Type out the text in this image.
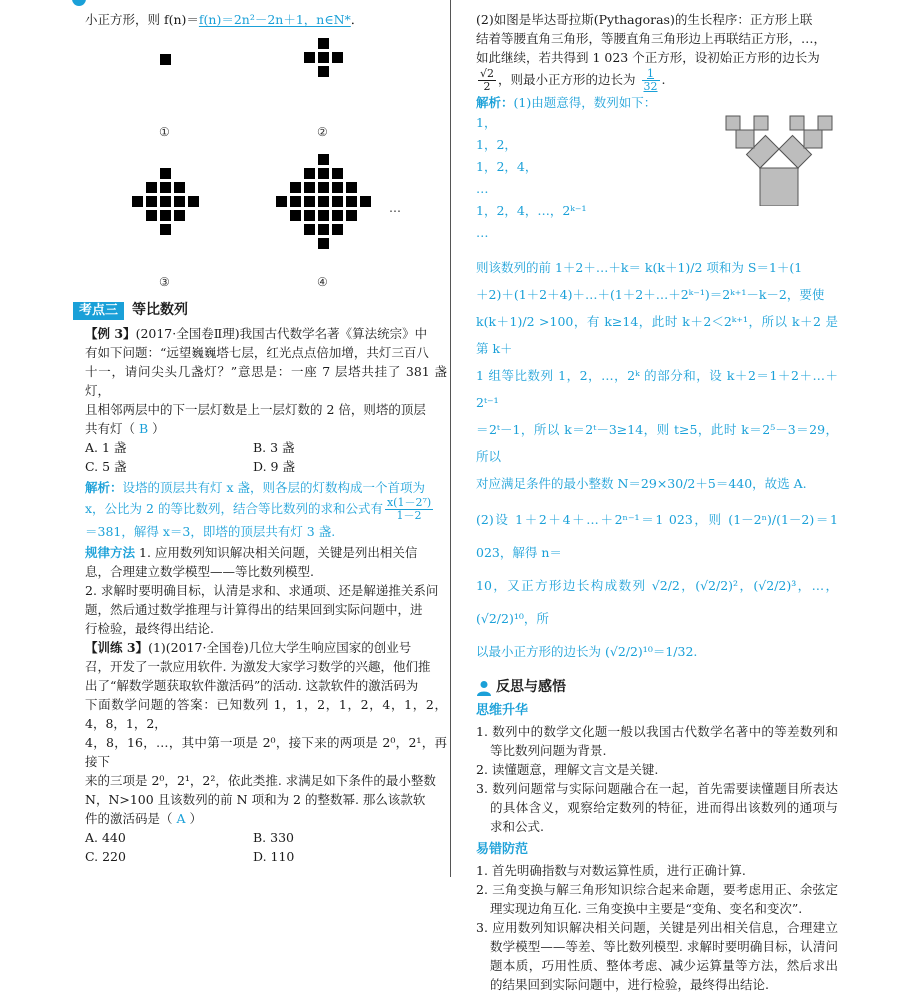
小正方形，则 f(n)＝f(n)＝2n²－2n＋1，n∈N*．

①	②
③	④
…
考点三	等比数列

【例 3】(2017·全国卷Ⅱ理)我国古代数学名著《算法统宗》中

有如下问题：“远望巍巍塔七层，红光点点倍加增，共灯三百八

十一，请问尖头几盏灯？”意思是：一座 7 层塔共挂了 381 盏灯，

且相邻两层中的下一层灯数是上一层灯数的 2 倍，则塔的顶层

共有灯（ B ）

A. 1 盏	B. 3 盏

C. 5 盏	D. 9 盏

解析：设塔的顶层共有灯 x 盏，则各层的灯数构成一个首项为

x，公比为 2 的等比数列，结合等比数列的求和公式有 $\frac{\text{x(1－2⁷)}}{1-2}$

＝381，解得 x＝3，即塔的顶层共有灯 3 盏.

规律方法 1. 应用数列知识解决相关问题，关键是列出相关信

息，合理建立数学模型——等比数列模型.

2. 求解时要明确目标，认清是求和、求通项、还是解递推关系问

题，然后通过数学推理与计算得出的结果回到实际问题中，进

行检验，最终得出结论.

【训练 3】(1)(2017·全国卷)几位大学生响应国家的创业号

召，开发了一款应用软件. 为激发大家学习数学的兴趣，他们推

出了“解数学题获取软件激活码”的活动. 这款软件的激活码为

下面数学问题的答案：已知数列 1，1，2，1，2，4，1，2，4，8，1，2，

4，8，16，…，其中第一项是 2⁰，接下来的两项是 2⁰，2¹，再接下

来的三项是 2⁰，2¹，2²，依此类推. 求满足如下条件的最小整数

N，N>100 且该数列的前 N 项和为 2 的整数幂. 那么该款软

件的激活码是（ A ）

A. 440	B. 330

C. 220	D. 110

(2)如图是毕达哥拉斯(Pythagoras)的生长程序：正方形上联

结着等腰直角三角形，等腰直角三角形边上再联结正方形，…，

如此继续，若共得到 1 023 个正方形，设初始正方形的边长为

$\frac{√2}{2}$ ，则最小正方形的边长为 $\frac{1}{32}$ .

解析：(1)由题意得，数列如下：

1，

1，2，

1，2，4，

…

1，2，4，…，2ᵏ⁻¹

…

则该数列的前 1＋2＋…＋k＝ k(k＋1)/2 项和为 S＝1＋(1

＋2)＋(1＋2＋4)＋…＋(1＋2＋…＋2ᵏ⁻¹)＝2ᵏ⁺¹－k－2，要使

k(k＋1)/2 >100，有 k≥14，此时 k＋2＜2ᵏ⁺¹，所以 k＋2 是第 k＋

1 组等比数列 1，2，…，2ᵏ 的部分和，设 k＋2＝1＋2＋…＋2ᵗ⁻¹

＝2ᵗ－1，所以 k＝2ᵗ－3≥14，则 t≥5，此时 k＝2⁵－3＝29，所以

对应满足条件的最小整数 N＝29×30/2＋5＝440，故选 A.

(2)设 1＋2＋4＋…＋2ⁿ⁻¹＝1 023，则 (1－2ⁿ)/(1－2)＝1 023，解得 n＝

10，又正方形边长构成数列 √2/2，(√2/2)²，(√2/2)³，…，(√2/2)¹⁰，所

以最小正方形的边长为 (√2/2)¹⁰＝1/32.

反思与感悟
思维升华

1. 数列中的数学文化题一般以我国古代数学名著中的等差数列和等比数列问题为背景.

2. 读懂题意，理解文言文是关键.

3. 数列问题常与实际问题融合在一起，首先需要读懂题目所表达的具体含义，观察给定数列的特征，进而得出该数列的通项与求和公式.

易错防范

1. 首先明确指数与对数运算性质，进行正确计算.

2. 三角变换与解三角形知识综合起来命题，要考虑用正、余弦定理实现边角互化. 三角变换中主要是“变角、变名和变次”.

3. 应用数列知识解决相关问题，关键是列出相关信息，合理建立数学模型——等差、等比数列模型. 求解时要明确目标，认清问题本质，巧用性质、整体考虑、减少运算量等方法，然后求出的结果回到实际问题中，进行检验，最终得出结论.
